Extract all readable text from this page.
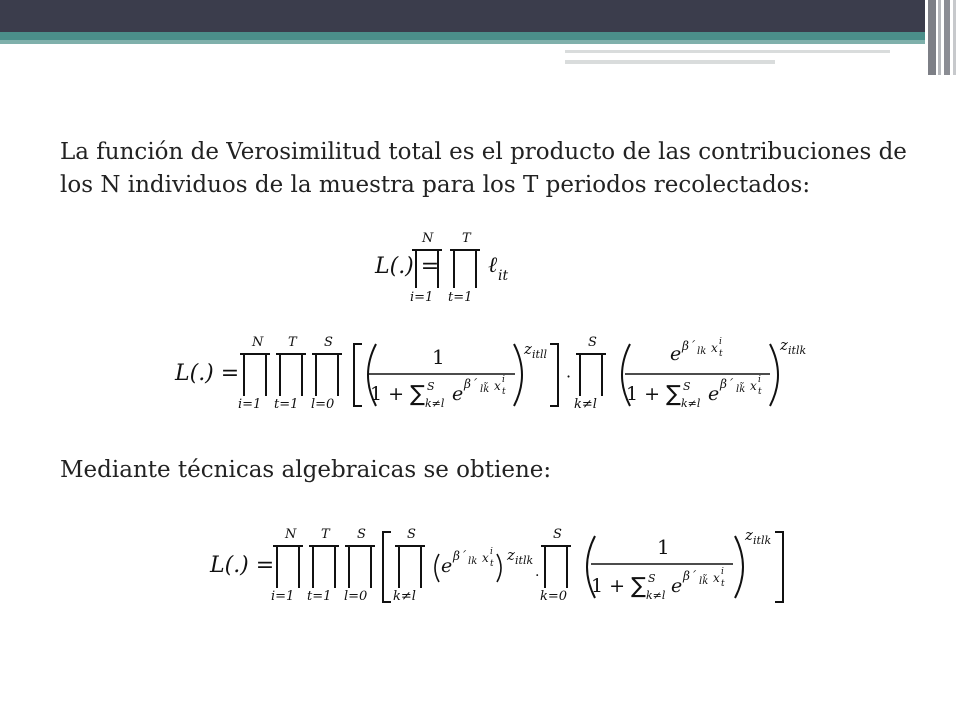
La función de Verosimilitud total es el producto de las contribuciones de los N individuos de la muestra para los T periodos recolectados:
L(.) =
N
i=1
T
t=1
ℓ it
L(.) =
N
i=1
T
t=1
S
l=0
1
1 + ∑ S
k≠l e β´ lk̃ x i
t
z itll
·
S
k≠l
e β´ lk x i
t
1 + ∑ S
k≠l e β´ lk̃ x i
t
z itlk
Mediante técnicas algebraicas se obtiene:
L(.) =
N
i=1
T
t=1
S
l=0
S
k≠l
e β´ lk x i
t z itlk
.
S
k=0
1
1 + ∑ S
k≠l e β´ lk̃ x i
t
z itlk
